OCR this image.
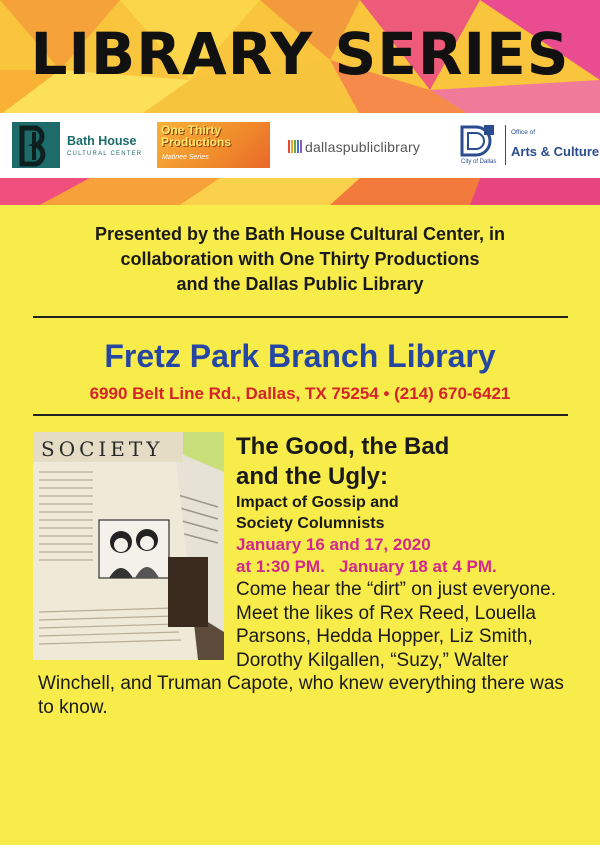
LIBRARY SERIES
Bath House
CULTURAL CENTER
One Thirty
Productions
Matinee Series
dallaspubliclibrary
City of Dallas
Office of
Arts & Culture
Presented by the Bath House Cultural Center, in
collaboration with One Thirty Productions
and the Dallas Public Library
Fretz Park Branch Library
6990 Belt Line Rd., Dallas, TX 75254 • (214) 670-6421
SOCIETY	The Good, the Bad
and the Ugly:
Impact of Gossip and
Society Columnists
January 16 and 17, 2020
at 1:30 PM.   January 18 at 4 PM.
Come hear the “dirt” on just everyone. Meet the likes of Rex Reed, Louella Parsons, Hedda Hopper, Liz Smith, Dorothy Kilgallen, “Suzy,” Walter Winchell, and Truman Capote, who knew everything there was to know.
